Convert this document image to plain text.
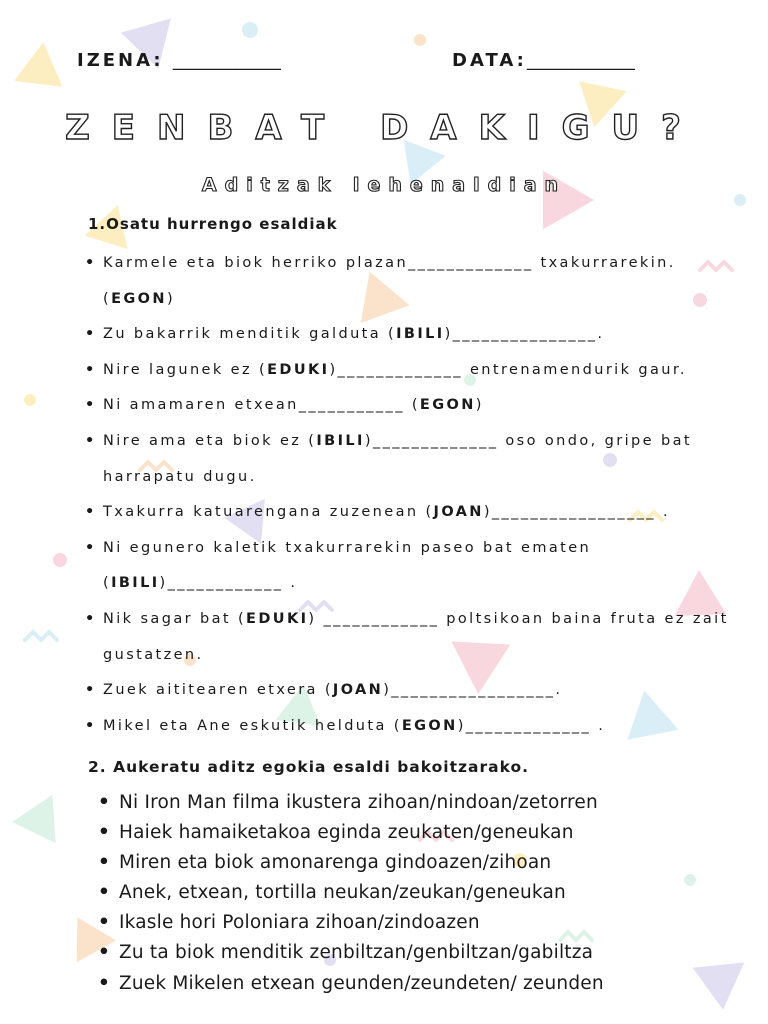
IZENA: ____________	DATA:____________
ZENBAT DAKIGU?
Aditzak lehenaldian
1.Osatu hurrengo esaldiak
• Karmele eta biok herriko plazan_____________ txakurrarekin. (EGON)
• Zu bakarrik menditik galduta (IBILI)_______________.
• Nire lagunek ez (EDUKI)_____________ entrenamendurik gaur.
• Ni amamaren etxean___________ (EGON)
• Nire ama eta biok ez (IBILI)_____________ oso ondo, gripe bat harrapatu dugu.
• Txakurra katuarengana zuzenean (JOAN)_________________ .
• Ni egunero kaletik txakurrarekin paseo bat ematen (IBILI)____________ .
• Nik sagar bat (EDUKI) ____________ poltsikoan baina fruta ez zait gustatzen.
• Zuek aititearen etxera (JOAN)_________________.
• Mikel eta Ane eskutik helduta (EGON)_____________ .
2. Aukeratu aditz egokia esaldi bakoitzarako.
• Ni Iron Man filma ikustera zihoan/nindoan/zetorren
• Haiek hamaiketakoa eginda zeukaten/geneukan
• Miren eta biok amonarenga gindoazen/zihoan
• Anek, etxean, tortilla neukan/zeukan/geneukan
• Ikasle hori Poloniara zihoan/zindoazen
• Zu ta biok menditik zenbiltzan/genbiltzan/gabiltza
• Zuek Mikelen etxean geunden/zeundeten/ zeunden
